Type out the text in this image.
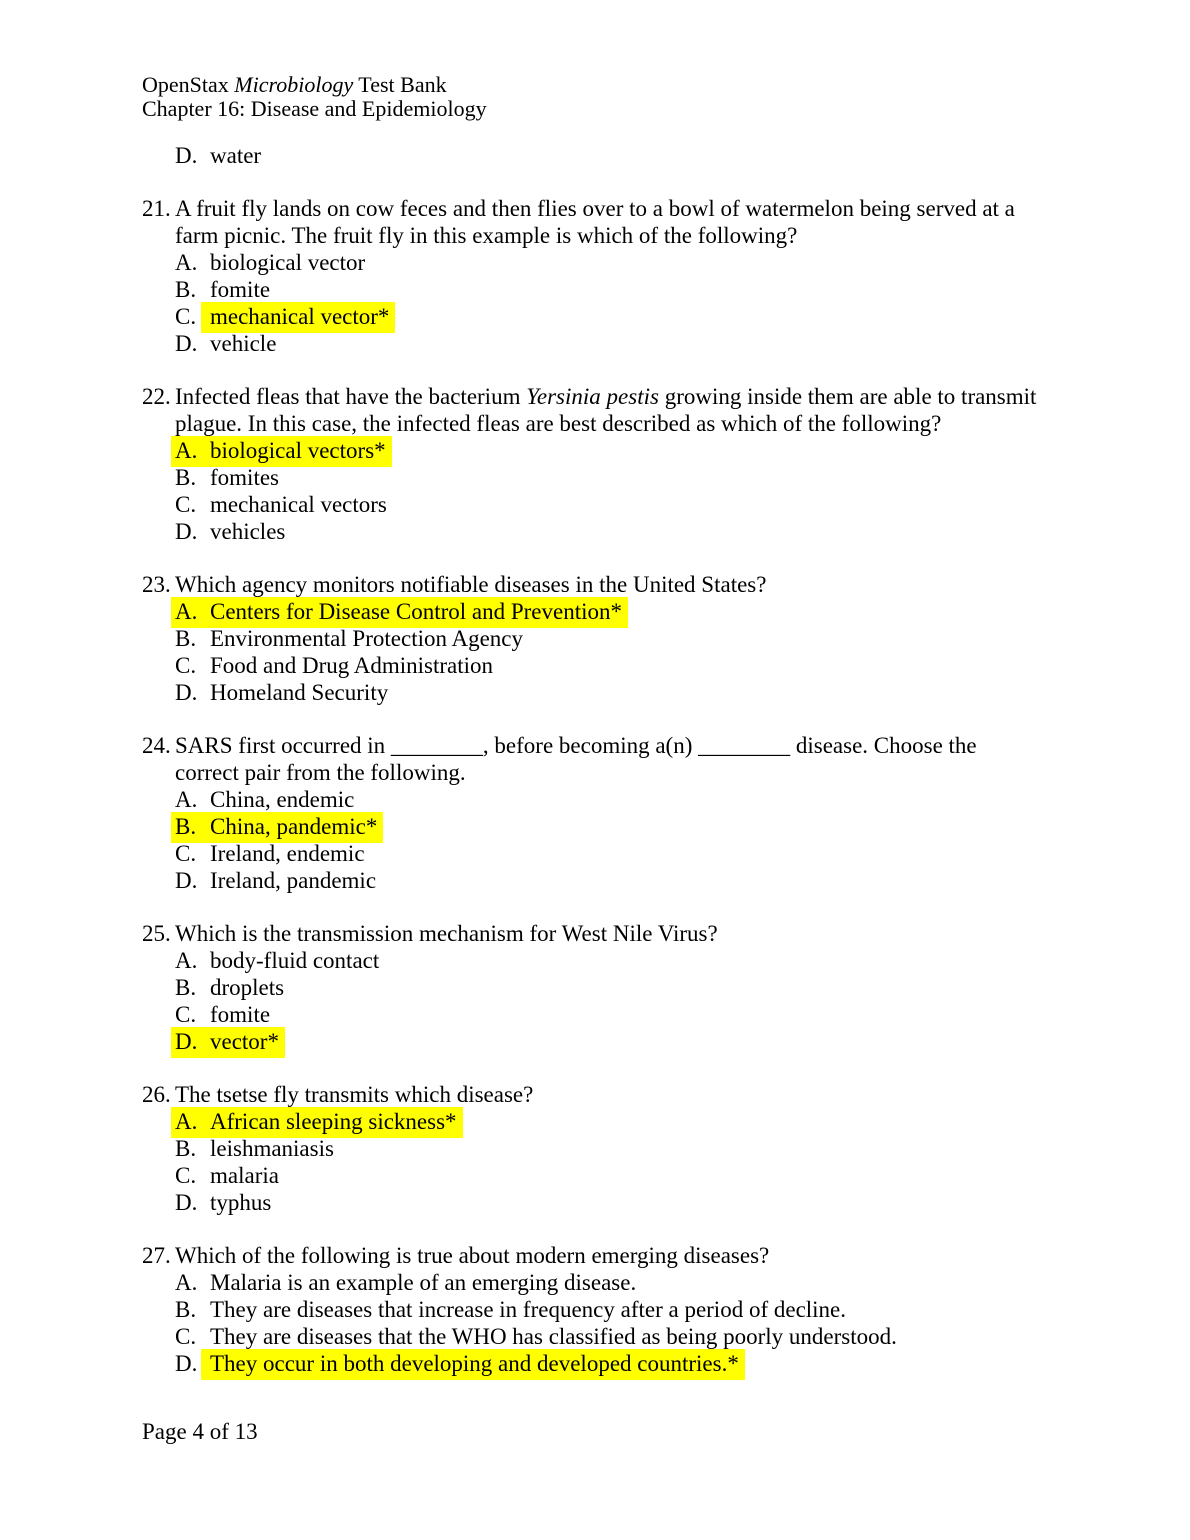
OpenStax Microbiology Test Bank
Chapter 16: Disease and Epidemiology
D. water
21. A fruit fly lands on cow feces and then flies over to a bowl of watermelon being served at a
farm picnic. The fruit fly in this example is which of the following?
A. biological vector
B. fomite
C. mechanical vector*
D. vehicle
22. Infected fleas that have the bacterium Yersinia pestis growing inside them are able to transmit
plague. In this case, the infected fleas are best described as which of the following?
A. biological vectors*
B. fomites
C. mechanical vectors
D. vehicles
23. Which agency monitors notifiable diseases in the United States?
A. Centers for Disease Control and Prevention*
B. Environmental Protection Agency
C. Food and Drug Administration
D. Homeland Security
24. SARS first occurred in ________, before becoming a(n) ________ disease. Choose the
correct pair from the following.
A. China, endemic
B. China, pandemic*
C. Ireland, endemic
D. Ireland, pandemic
25. Which is the transmission mechanism for West Nile Virus?
A. body-fluid contact
B. droplets
C. fomite
D. vector*
26. The tsetse fly transmits which disease?
A. African sleeping sickness*
B. leishmaniasis
C. malaria
D. typhus
27. Which of the following is true about modern emerging diseases?
A. Malaria is an example of an emerging disease.
B. They are diseases that increase in frequency after a period of decline.
C. They are diseases that the WHO has classified as being poorly understood.
D. They occur in both developing and developed countries.*
Page 4 of 13
